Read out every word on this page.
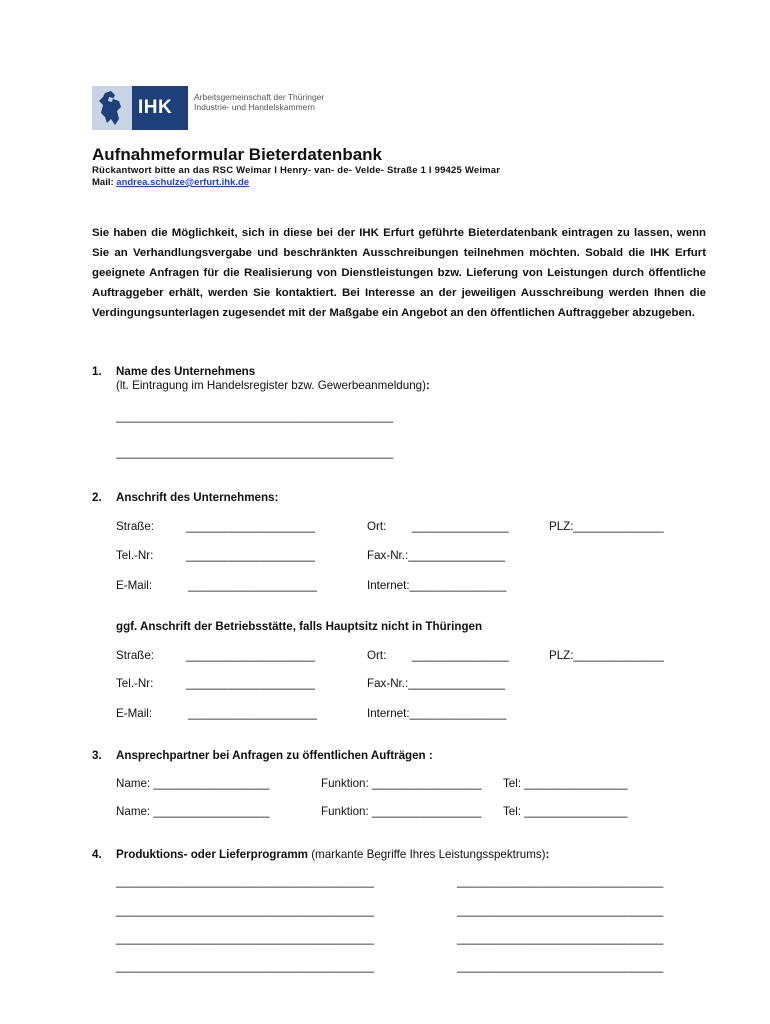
IHK	Arbeitsgemeinschaft der Thüringer
Industrie- und Handelskammern
Aufnahmeformular Bieterdatenbank
Rückantwort bitte an das RSC Weimar I Henry- van- de- Velde- Straße 1 I 99425 Weimar
Mail: andrea.schulze@erfurt.ihk.de
Sie haben die Möglichkeit, sich in diese bei der IHK Erfurt geführte Bieterdatenbank eintragen zu lassen, wenn Sie an Verhandlungsvergabe und beschränkten Ausschreibungen teilnehmen möchten. Sobald die IHK Erfurt geeignete Anfragen für die Realisierung von Dienstleistungen bzw. Lieferung von Leistungen durch öffentliche Auftraggeber erhält, werden Sie kontaktiert. Bei Interesse an der jeweiligen Ausschreibung werden Ihnen die Verdingungsunterlagen zugesendet mit der Maßgabe ein Angebot an den öffentlichen Auftraggeber abzugeben.
1. Name des Unternehmens
(lt. Eintragung im Handelsregister bzw. Gewerbeanmeldung):
___________________________________________
___________________________________________
2. Anschrift des Unternehmens:
Straße:	____________________	Ort: _______________	PLZ:______________
Tel.-Nr:	____________________	Fax-Nr.:_______________
E-Mail:	____________________	Internet:_______________
ggf. Anschrift der Betriebsstätte, falls Hauptsitz nicht in Thüringen
Straße:	____________________	Ort: _______________	PLZ:______________
Tel.-Nr:	____________________	Fax-Nr.:_______________
E-Mail:	____________________	Internet:_______________
3. Ansprechpartner bei Anfragen zu öffentlichen Aufträgen :
Name: __________________	Funktion: _________________ Tel: ________________
Name: __________________	Funktion: _________________ Tel: ________________
4. Produktions- oder Lieferprogramm (markante Begriffe Ihres Leistungsspektrums):
________________________________________	________________________________
________________________________________	________________________________
________________________________________	________________________________
________________________________________	________________________________
